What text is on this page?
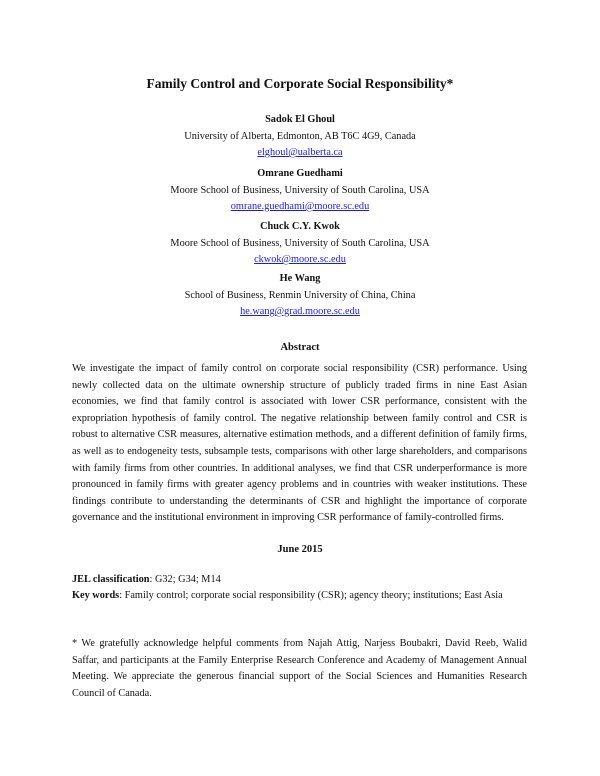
Family Control and Corporate Social Responsibility*
Sadok El Ghoul
University of Alberta, Edmonton, AB T6C 4G9, Canada
elghoul@ualberta.ca
Omrane Guedhami
Moore School of Business, University of South Carolina, USA
omrane.guedhami@moore.sc.edu
Chuck C.Y. Kwok
Moore School of Business, University of South Carolina, USA
ckwok@moore.sc.edu
He Wang
School of Business, Renmin University of China, China
he.wang@grad.moore.sc.edu
Abstract
We investigate the impact of family control on corporate social responsibility (CSR) performance. Using newly collected data on the ultimate ownership structure of publicly traded firms in nine East Asian economies, we find that family control is associated with lower CSR performance, consistent with the expropriation hypothesis of family control. The negative relationship between family control and CSR is robust to alternative CSR measures, alternative estimation methods, and a different definition of family firms, as well as to endogeneity tests, subsample tests, comparisons with other large shareholders, and comparisons with family firms from other countries. In additional analyses, we find that CSR underperformance is more pronounced in family firms with greater agency problems and in countries with weaker institutions. These findings contribute to understanding the determinants of CSR and highlight the importance of corporate governance and the institutional environment in improving CSR performance of family-controlled firms.
June 2015
JEL classification: G32; G34; M14
Key words: Family control; corporate social responsibility (CSR); agency theory; institutions; East Asia
* We gratefully acknowledge helpful comments from Najah Attig, Narjess Boubakri, David Reeb, Walid Saffar, and participants at the Family Enterprise Research Conference and Academy of Management Annual Meeting. We appreciate the generous financial support of the Social Sciences and Humanities Research Council of Canada.
